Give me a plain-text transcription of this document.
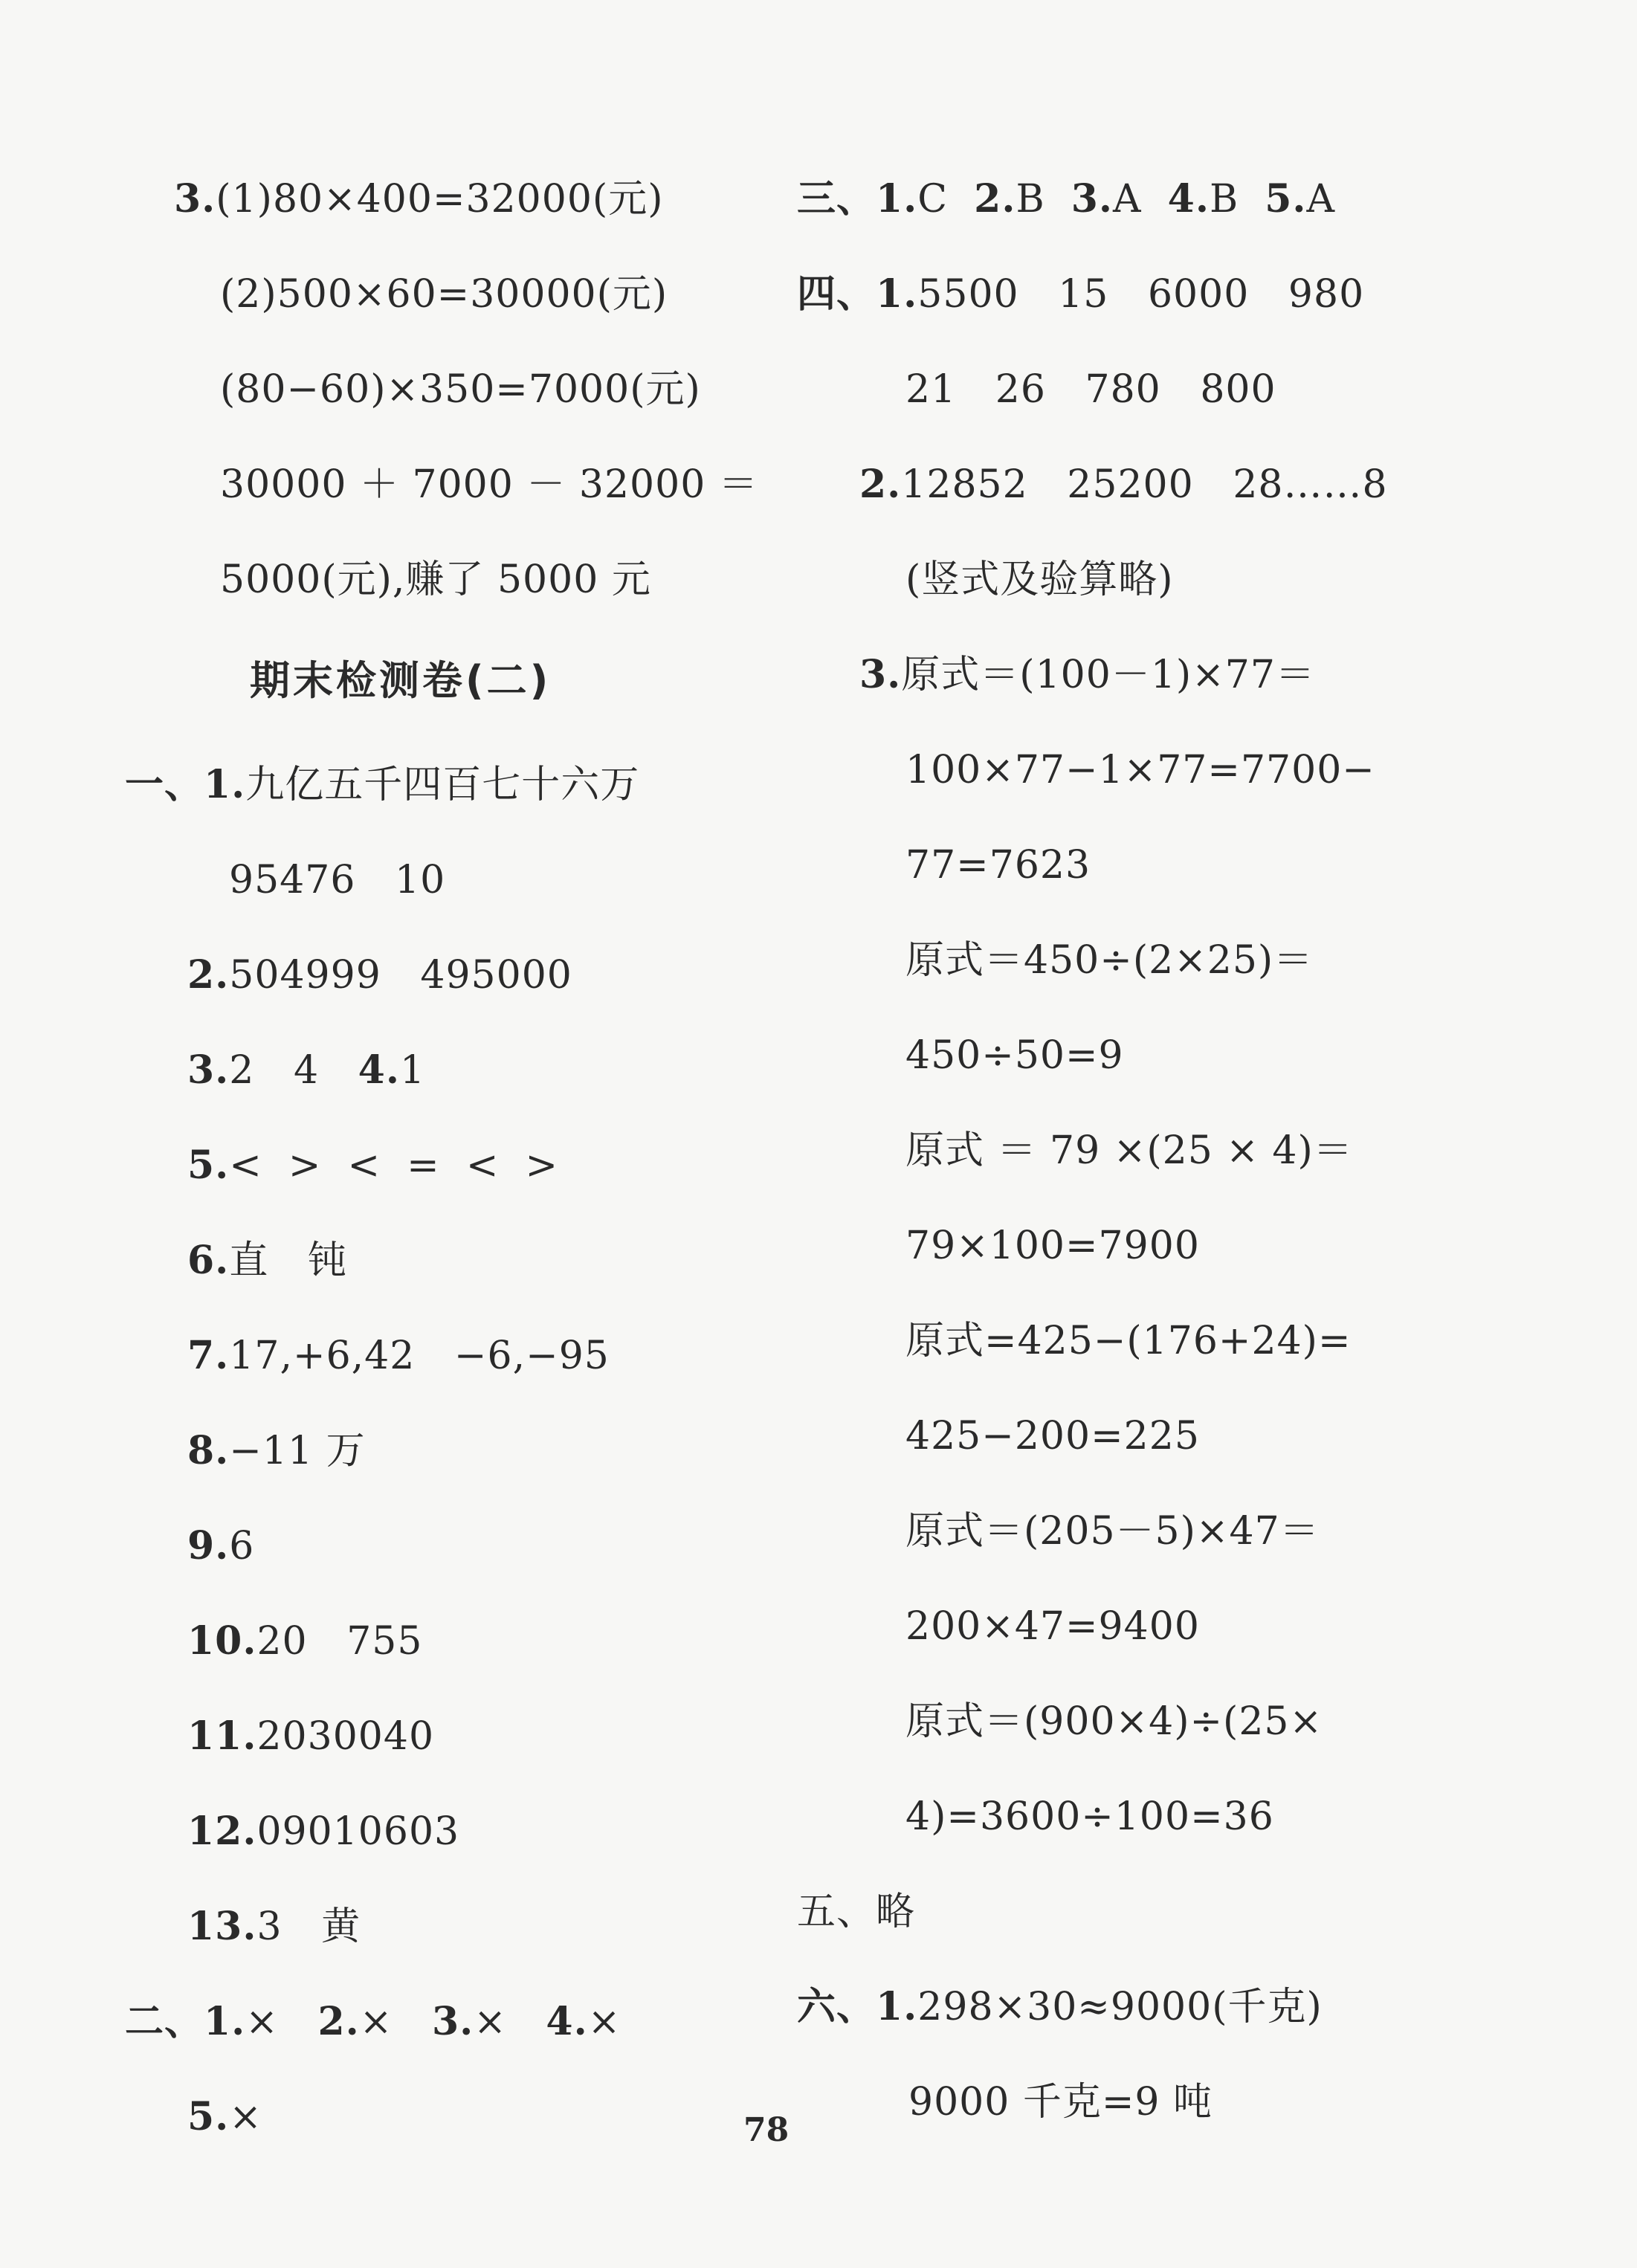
3.(1)80×400=32000(元)
(2)500×60=30000(元)
(80−60)×350=7000(元)
30000 ＋ 7000 － 32000 ＝
5000(元),赚了 5000 元
期末检测卷(二)
一、1.九亿五千四百七十六万
95476   10
2.504999   495000
3.2   4   4.1
5.<  >  <  =  <  >
6.直   钝
7.17,+6,42   −6,−95
8.−11 万
9.6
10.20   755
11.2030040
12.09010603
13.3   黄
二、1.×   2.×   3.×   4.×
5.×
三、1.C  2.B  3.A  4.B  5.A
四、1.5500   15   6000   980
21   26   780   800
2.12852   25200   28……8
(竖式及验算略)
3.原式＝(100－1)×77＝
100×77−1×77=7700−
77=7623
原式＝450÷(2×25)＝
450÷50=9
原式 ＝ 79 ×(25 × 4)＝
79×100=7900
原式=425−(176+24)=
425−200=225
原式＝(205－5)×47＝
200×47=9400
原式＝(900×4)÷(25×
4)=3600÷100=36
五、略
六、1.298×30≈9000(千克)
9000 千克=9 吨
78
